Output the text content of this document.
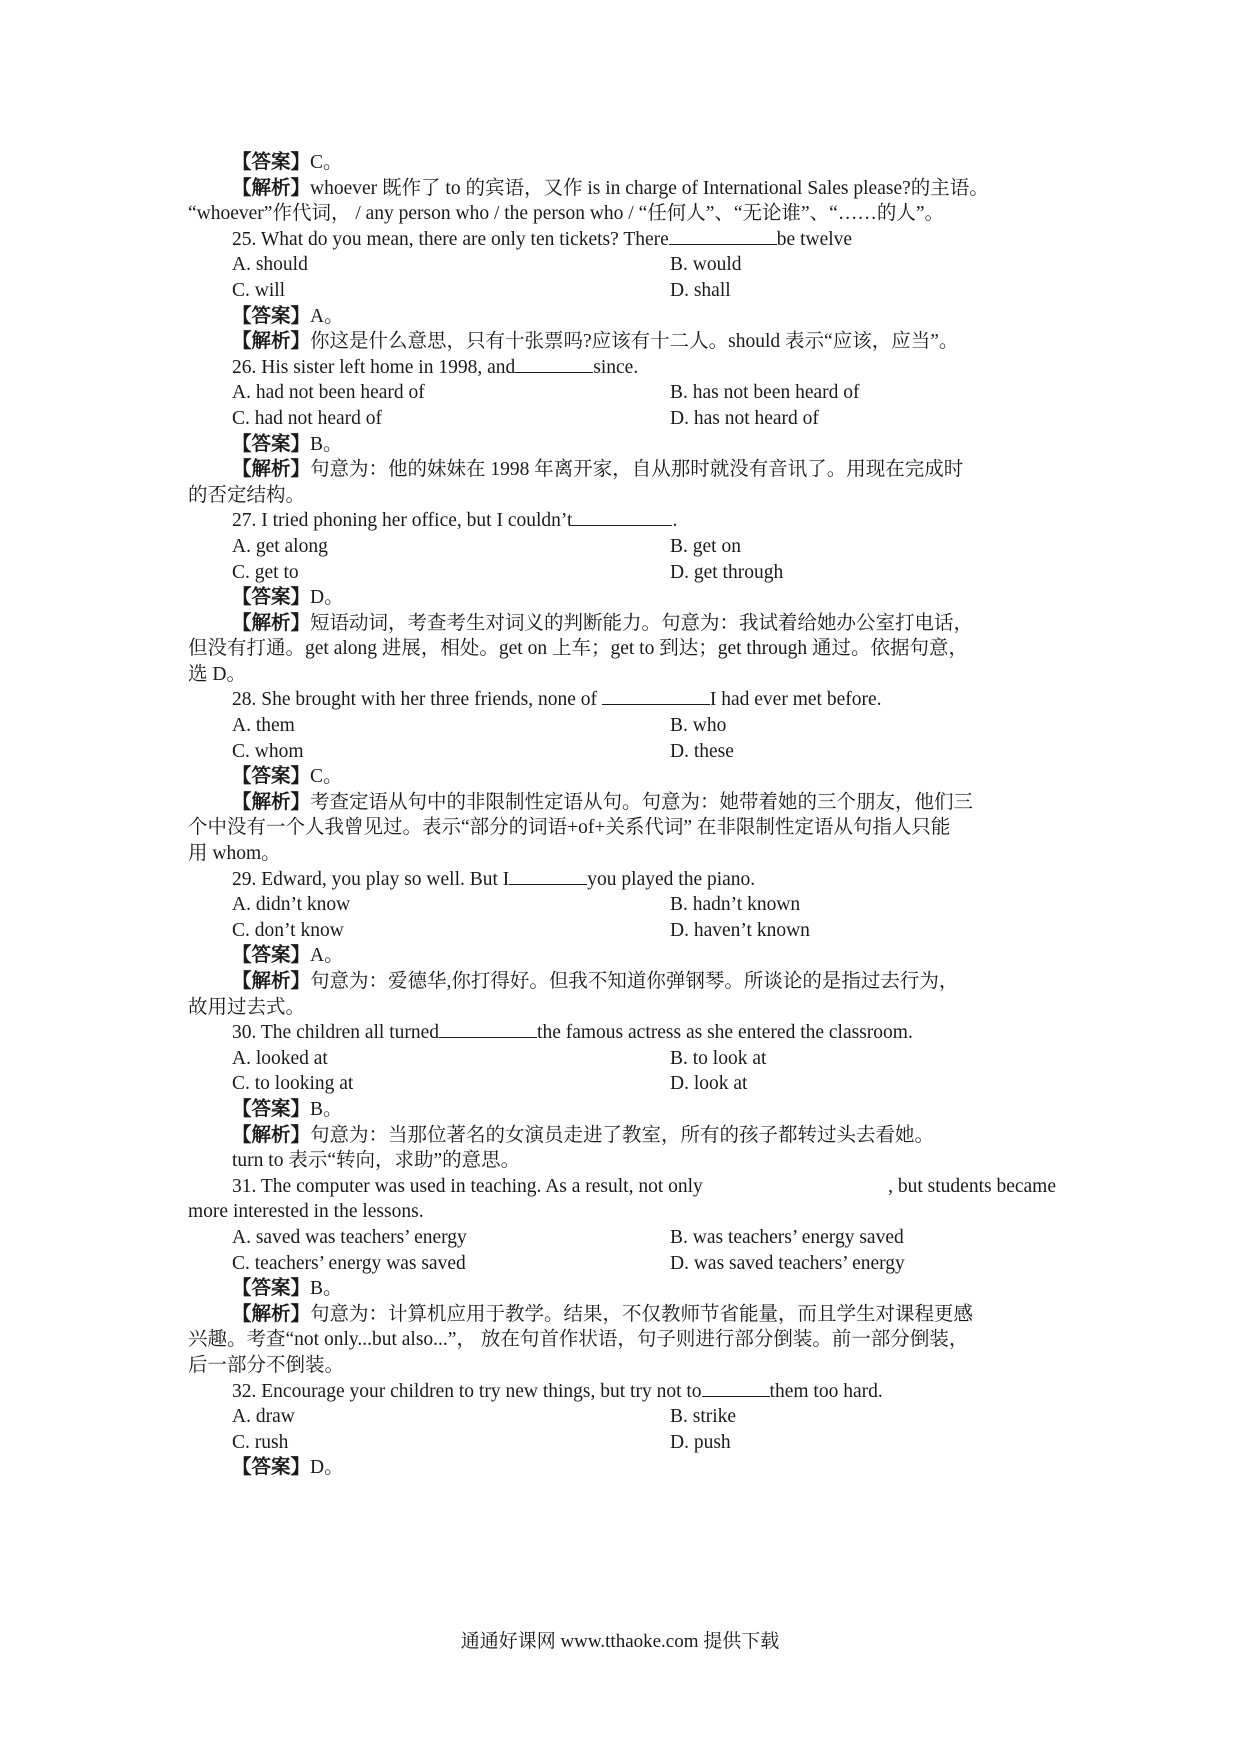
【答案】C。
【解析】whoever 既作了 to 的宾语，又作 is in charge of International Sales please?的主语。
“whoever”作代词， / any person who / the person who / “任何人”、“无论谁”、“……的人”。
25. What do you mean, there are only ten tickets? There	be twelve
A. should	B. would
C. will	D. shall
【答案】A。
【解析】你这是什么意思，只有十张票吗?应该有十二人。should 表示“应该，应当”。
26. His sister left home in 1998, and	since.
A. had not been heard of	B. has not been heard of
C. had not heard of	D. has not heard of
【答案】B。
【解析】句意为：他的妹妹在 1998 年离开家，自从那时就没有音讯了。用现在完成时
的否定结构。
27. I tried phoning her office, but I couldn’t	.
A. get along	B. get on
C. get to	D. get through
【答案】D。
【解析】短语动词，考查考生对词义的判断能力。句意为：我试着给她办公室打电话，
但没有打通。get along 进展，相处。get on 上车；get to 到达；get through 通过。依据句意，
选 D。
28. She brought with her three friends, none of	I had ever met before.
A. them	B. who
C. whom	D. these
【答案】C。
【解析】考查定语从句中的非限制性定语从句。句意为：她带着她的三个朋友，他们三
个中没有一个人我曾见过。表示“部分的词语+of+关系代词” 在非限制性定语从句指人只能
用 whom。
29. Edward, you play so well. But I	you played the piano.
A. didn’t know	B. hadn’t known
C. don’t know	D. haven’t known
【答案】A。
【解析】句意为：爱德华,你打得好。但我不知道你弹钢琴。所谈论的是指过去行为，
故用过去式。
30. The children all turned	the famous actress as she entered the classroom.
A. looked at	B. to look at
C. to looking at	D. look at
【答案】B。
【解析】句意为：当那位著名的女演员走进了教室，所有的孩子都转过头去看她。
turn to 表示“转向，求助”的意思。
31. The computer was used in teaching. As a result, not only	, but students became
more interested in the lessons.
A. saved was teachers’ energy	B. was teachers’ energy saved
C. teachers’ energy was saved	D. was saved teachers’ energy
【答案】B。
【解析】句意为：计算机应用于教学。结果，不仅教师节省能量，而且学生对课程更感
兴趣。考查“not only...but also...”， 放在句首作状语，句子则进行部分倒装。前一部分倒装，
后一部分不倒装。
32. Encourage your children to try new things, but try not to	them too hard.
A. draw	B. strike
C. rush	D. push
【答案】D。
通通好课网 www.tthaoke.com 提供下载
